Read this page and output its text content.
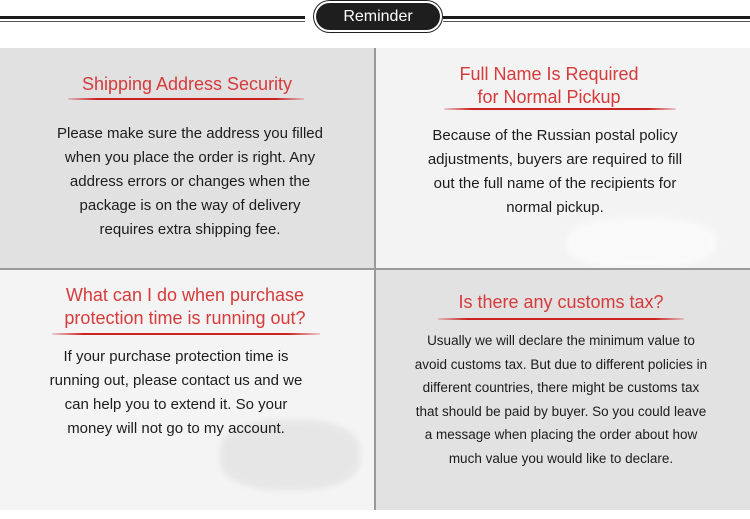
Reminder
Shipping Address Security
Please make sure the address you filled
when you place the order is right. Any
address errors or changes when the
package is on the way of delivery
requires extra shipping fee.
Full Name Is Required
for Normal Pickup
Because of the Russian postal policy
adjustments, buyers are required to fill
out the full name of the recipients for
normal pickup.
What can I do when purchase
protection time is running out?
If your purchase protection time is
running out, please contact us and we
can help you to extend it. So your
money will not go to my account.
Is there any customs tax?
Usually we will declare the minimum value to
avoid customs tax. But due to different policies in
different countries, there might be customs tax
that should be paid by buyer. So you could leave
a message when placing the order about how
much value you would like to declare.
